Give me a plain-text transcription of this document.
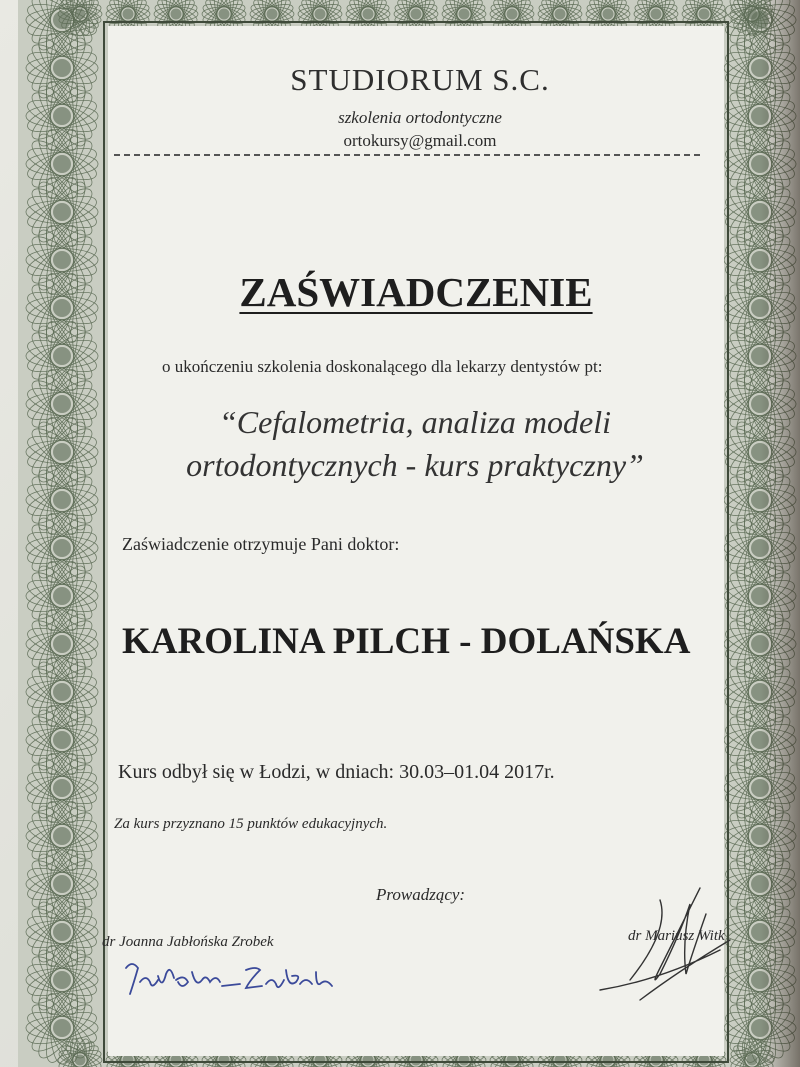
STUDIORUM S.C.
szkolenia ortodontyczne
ortokursy@gmail.com
ZAŚWIADCZENIE
o ukończeniu szkolenia doskonalącego dla lekarzy dentystów pt:
“Cefalometria, analiza modeli
ortodontycznych - kurs praktyczny”
Zaświadczenie otrzymuje Pani doktor:
KAROLINA PILCH - DOLAŃSKA
Kurs odbył się w Łodzi, w dniach: 30.03–01.04 2017r.
Za kurs przyznano 15 punktów edukacyjnych.
Prowadzący:
dr Joanna Jabłońska Zrobek	dr Mariusz Witk
